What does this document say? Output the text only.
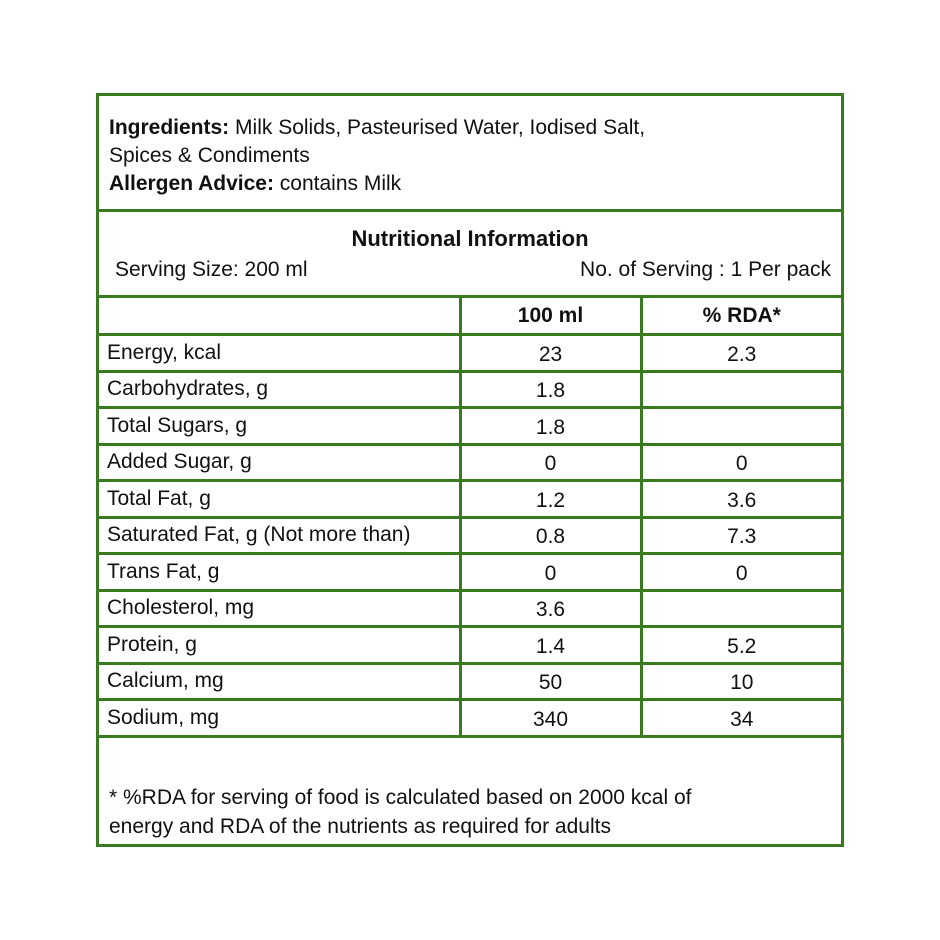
Ingredients: Milk Solids, Pasteurised Water, Iodised Salt,
Spices & Condiments
Allergen Advice: contains Milk
Nutritional Information
Serving Size: 200 ml	No. of Serving : 1 Per pack
	100 ml	% RDA*
Energy, kcal	23	2.3
Carbohydrates, g	1.8	
Total Sugars, g	1.8	
Added Sugar, g	0	0
Total Fat, g	1.2	3.6
Saturated Fat, g (Not more than)	0.8	7.3
Trans Fat, g	0	0
Cholesterol, mg	3.6	
Protein, g	1.4	5.2
Calcium, mg	50	10
Sodium, mg	340	34
* %RDA for serving of food is calculated based on 2000 kcal of
energy and RDA of the nutrients as required for adults
